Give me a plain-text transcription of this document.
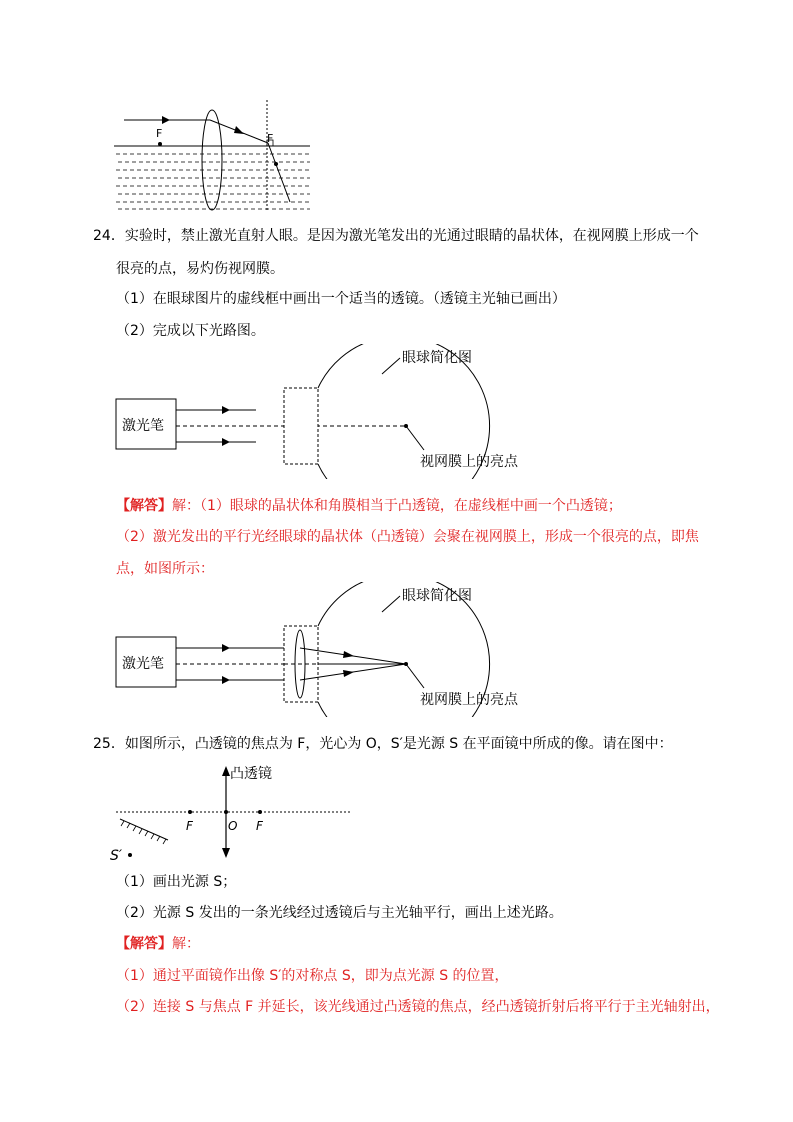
F	F
24．实验时，禁止激光直射人眼。是因为激光笔发出的光通过眼睛的晶状体，在视网膜上形成一个
很亮的点，易灼伤视网膜。
（1）在眼球图片的虚线框中画出一个适当的透镜。（透镜主光轴已画出）
（2）完成以下光路图。
激光笔
眼球简化图
视网膜上的亮点
【解答】解：（1）眼球的晶状体和角膜相当于凸透镜，在虚线框中画一个凸透镜；
（2）激光发出的平行光经眼球的晶状体（凸透镜）会聚在视网膜上，形成一个很亮的点，即焦
点，如图所示：
激光笔
眼球简化图
视网膜上的亮点
25．如图所示，凸透镜的焦点为 F，光心为 O，S′是光源 S 在平面镜中所成的像。请在图中：
凸透镜
F	O F
S′
（1）画出光源 S；
（2）光源 S 发出的一条光线经过透镜后与主光轴平行，画出上述光路。
【解答】解：
（1）通过平面镜作出像 S′的对称点 S，即为点光源 S 的位置，
（2）连接 S 与焦点 F 并延长，该光线通过凸透镜的焦点，经凸透镜折射后将平行于主光轴射出，
